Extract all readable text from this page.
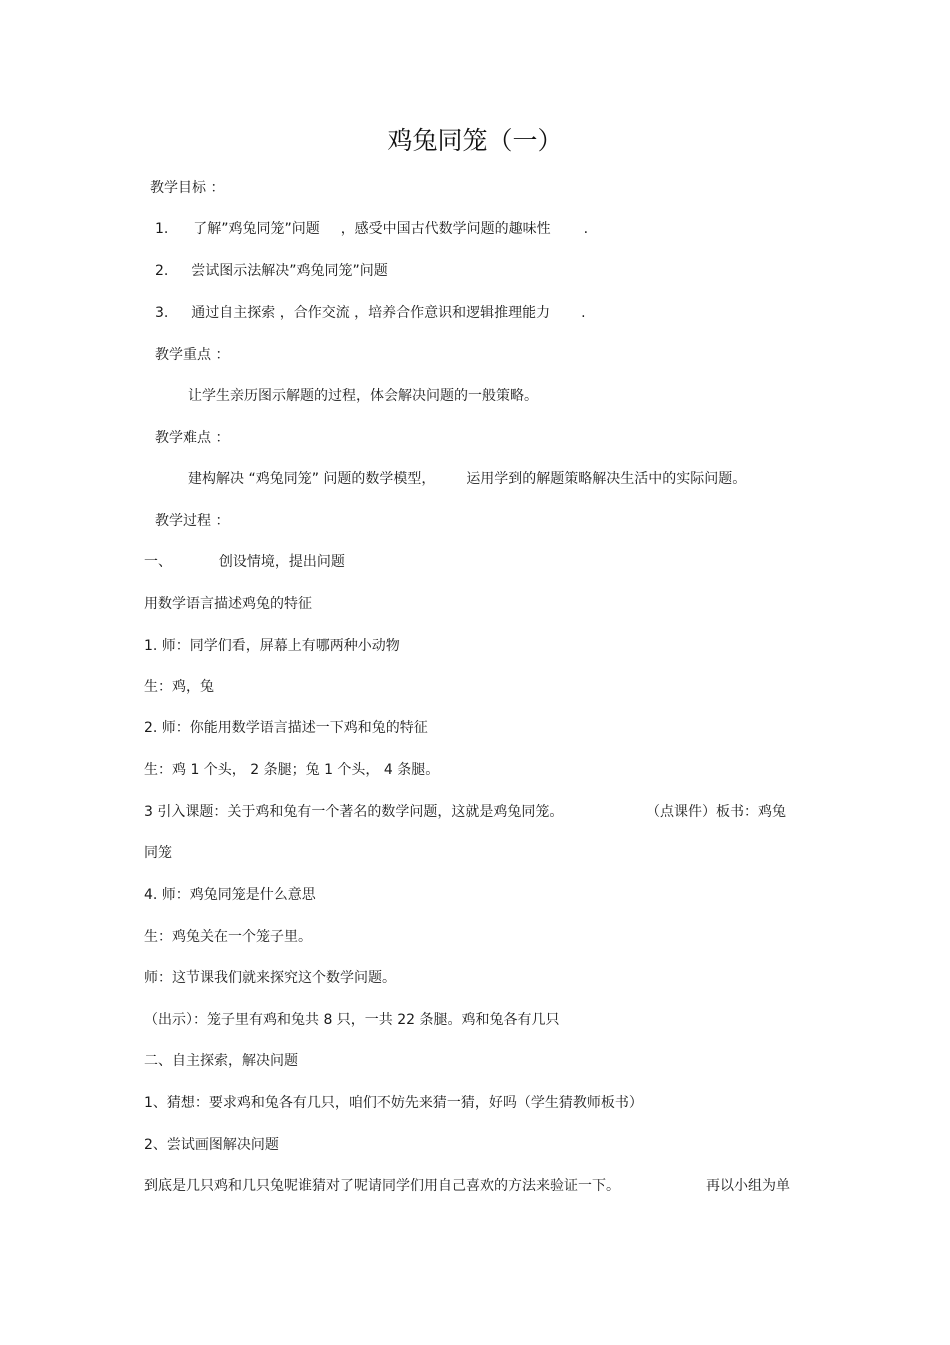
鸡兔同笼（一）
教学目标 ：
1. 了解”鸡兔同笼”问题 ，感受中国古代数学问题的趣味性 .
2. 尝试图示法解决”鸡兔同笼”问题
3. 通过自主探索 ，合作交流 ，培养合作意识和逻辑推理能力 .
教学重点 ：
让学生亲历图示解题的过程，体会解决问题的一般策略。
教学难点 ：
建构解决 “鸡兔同笼” 问题的数学模型， 运用学到的解题策略解决生活中的实际问题。
教学过程 ：
一、	创设情境，提出问题
用数学语言描述鸡兔的特征
1. 师：同学们看，屏幕上有哪两种小动物
生：鸡，兔
2. 师：你能用数学语言描述一下鸡和兔的特征
生：鸡 1 个头， 2 条腿；兔 1 个头， 4 条腿。
3 引入课题：关于鸡和兔有一个著名的数学问题，这就是鸡兔同笼。	（点课件）板书：鸡兔
同笼
4. 师：鸡兔同笼是什么意思
生：鸡兔关在一个笼子里。
师：这节课我们就来探究这个数学问题。
（出示）：笼子里有鸡和兔共 8 只，一共 22 条腿。鸡和兔各有几只
二、自主探索，解决问题
1、猜想：要求鸡和兔各有几只，咱们不妨先来猜一猜，好吗（学生猜教师板书）
2、尝试画图解决问题
到底是几只鸡和几只兔呢谁猜对了呢请同学们用自己喜欢的方法来验证一下。	再以小组为单
